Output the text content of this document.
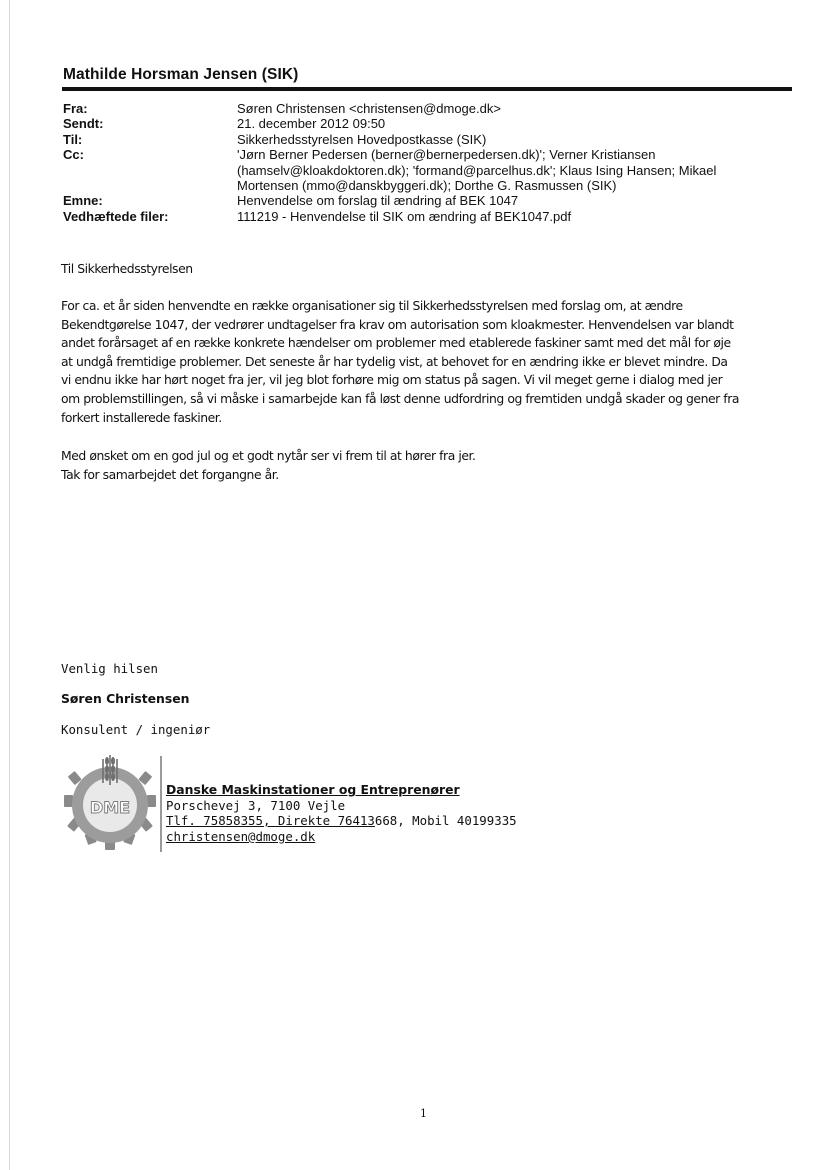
Mathilde Horsman Jensen (SIK)
Fra:	Søren Christensen <christensen@dmoge.dk>
Sendt:	21. december 2012 09:50
Til:	Sikkerhedsstyrelsen Hovedpostkasse (SIK)
Cc:	'Jørn Berner Pedersen (berner@bernerpedersen.dk)'; Verner Kristiansen
(hamselv@kloakdoktoren.dk); 'formand@parcelhus.dk'; Klaus Ising Hansen; Mikael
Mortensen (mmo@danskbyggeri.dk); Dorthe G. Rasmussen (SIK)
Emne:	Henvendelse om forslag til ændring af BEK 1047
Vedhæftede filer:	111219 - Henvendelse til SIK om ændring af BEK1047.pdf
Til Sikkerhedsstyrelsen
For ca. et år siden henvendte en række organisationer sig til Sikkerhedsstyrelsen med forslag om, at ændre
Bekendtgørelse 1047, der vedrører undtagelser fra krav om autorisation som kloakmester. Henvendelsen var blandt
andet forårsaget af en række konkrete hændelser om problemer med etablerede faskiner samt med det mål for øje
at undgå fremtidige problemer. Det seneste år har tydelig vist, at behovet for en ændring ikke er blevet mindre. Da
vi endnu ikke har hørt noget fra jer, vil jeg blot forhøre mig om status på sagen. Vi vil meget gerne i dialog med jer
om problemstillingen, så vi måske i samarbejde kan få løst denne udfordring og fremtiden undgå skader og gener fra
forkert installerede faskiner.
Med ønsket om en god jul og et godt nytår ser vi frem til at hører fra jer.
Tak for samarbejdet det forgangne år.
Venlig hilsen
Søren Christensen
Konsulent / ingeniør
DME
Danske Maskinstationer og Entreprenører
Porschevej 3, 7100 Vejle
Tlf. 75858355, Direkte 76413668, Mobil 40199335
christensen@dmoge.dk
1
